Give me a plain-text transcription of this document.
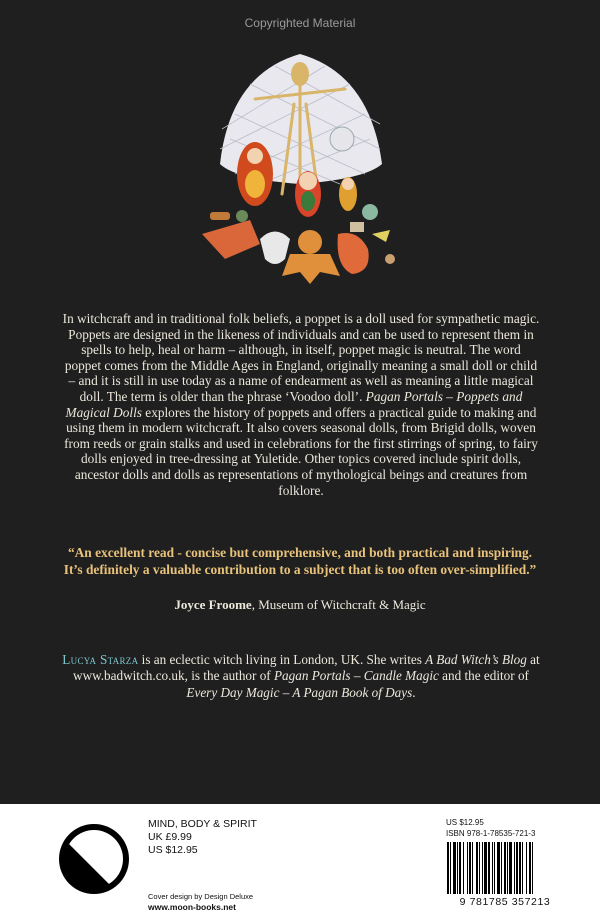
Copyrighted Material

In witchcraft and in traditional folk beliefs, a poppet is a doll used for sympathetic magic. Poppets are designed in the likeness of individuals and can be used to represent them in spells to help, heal or harm – although, in itself, poppet magic is neutral. The word poppet comes from the Middle Ages in England, originally meaning a small doll or child – and it is still in use today as a name of endearment as well as meaning a little magical doll. The term is older than the phrase ‘Voodoo doll’. Pagan Portals – Poppets and Magical Dolls explores the history of poppets and offers a practical guide to making and using them in modern witchcraft. It also covers seasonal dolls, from Brigid dolls, woven from reeds or grain stalks and used in celebrations for the first stirrings of spring, to fairy dolls enjoyed in tree-dressing at Yuletide. Other topics covered include spirit dolls, ancestor dolls and dolls as representations of mythological beings and creatures from folklore.

“An excellent read - concise but comprehensive, and both practical and inspiring. It’s definitely a valuable contribution to a subject that is too often over-simplified.”
Joyce Froome, Museum of Witchcraft & Magic
Lucya Starza is an eclectic witch living in London, UK. She writes A Bad Witch’s Blog at www.badwitch.co.uk, is the author of Pagan Portals – Candle Magic and the editor of Every Day Magic – A Pagan Book of Days.
MIND, BODY & SPIRIT
UK £9.99
US $12.95
Cover design by Design Deluxe
www.moon-books.net
US $12.95
ISBN 978-1-78535-721-3
9 781785 357213
